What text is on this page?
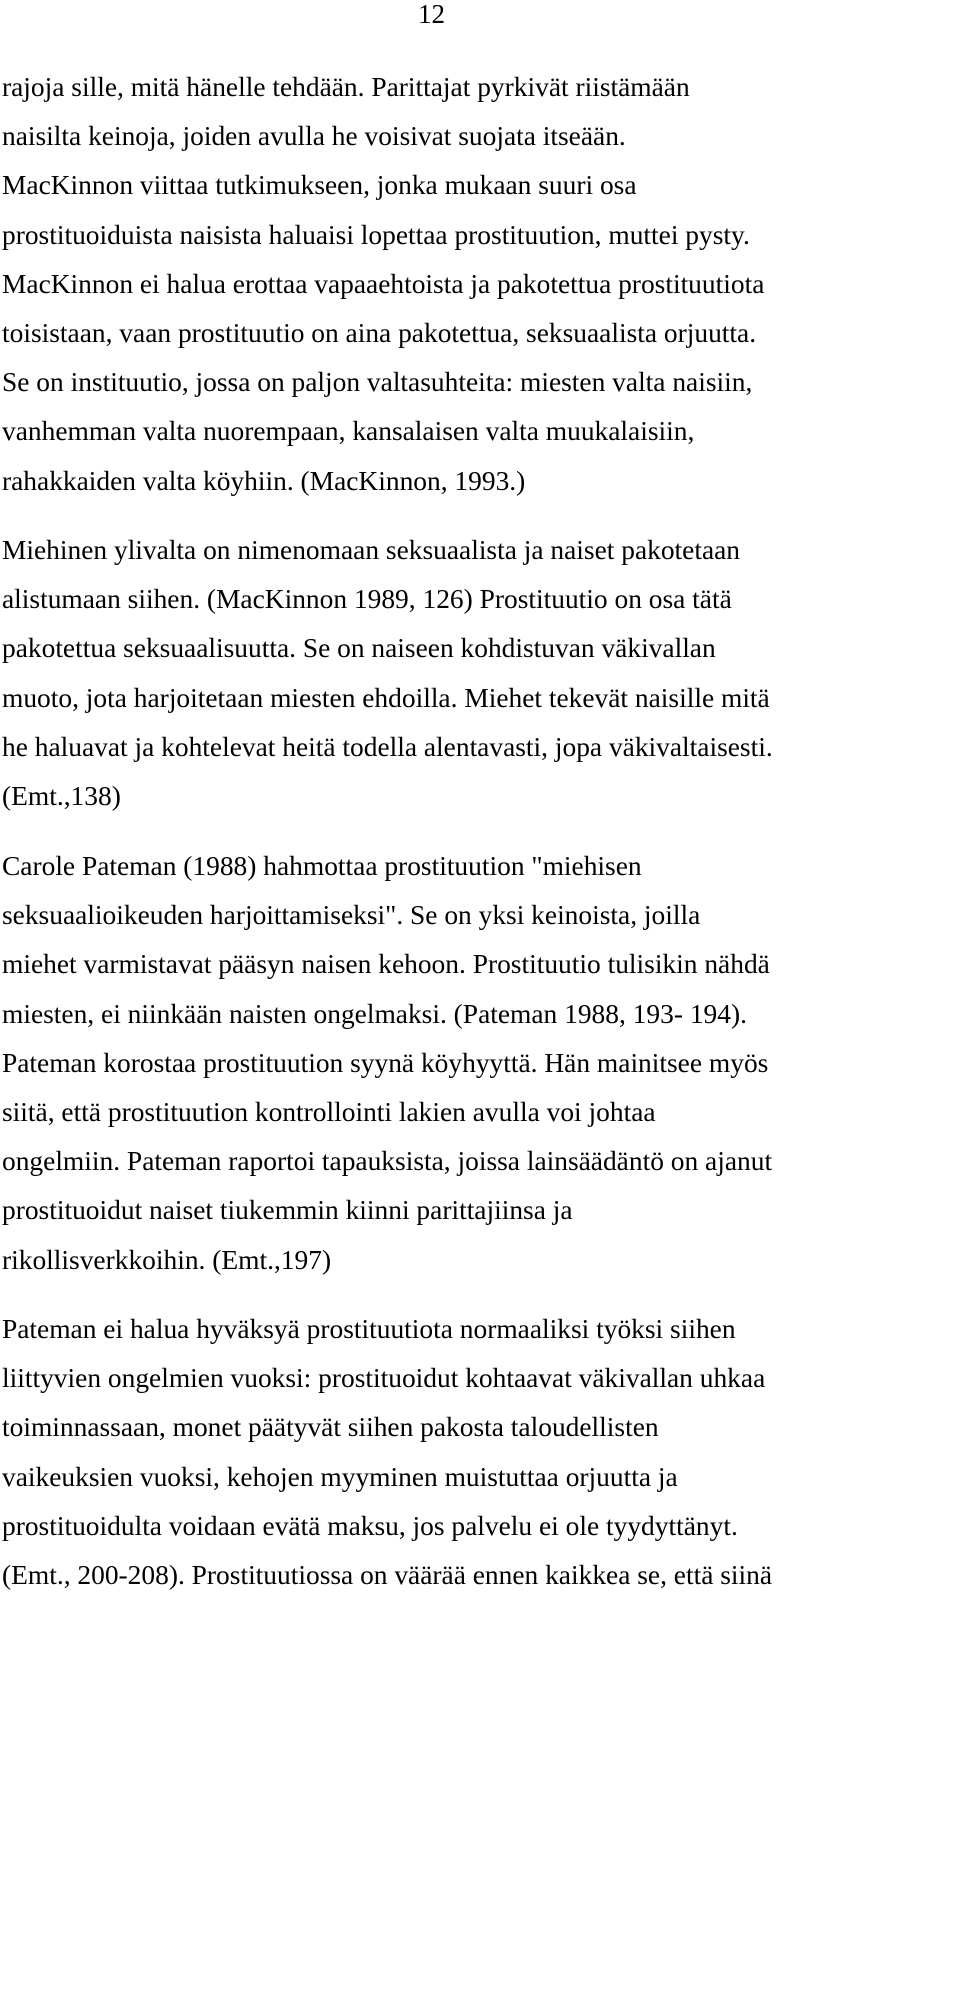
12
rajoja sille, mitä hänelle tehdään. Parittajat pyrkivät riistämään
naisilta keinoja, joiden avulla he voisivat suojata itseään.
MacKinnon viittaa tutkimukseen, jonka mukaan suuri osa
prostituoiduista naisista haluaisi lopettaa prostituution, muttei pysty.
MacKinnon ei halua erottaa vapaaehtoista ja pakotettua prostituutiota
toisistaan, vaan prostituutio on aina pakotettua, seksuaalista orjuutta.
Se on instituutio, jossa on paljon valtasuhteita: miesten valta naisiin,
vanhemman valta nuorempaan, kansalaisen valta muukalaisiin,
rahakkaiden valta köyhiin. (MacKinnon, 1993.)
Miehinen ylivalta on nimenomaan seksuaalista ja naiset pakotetaan
alistumaan siihen. (MacKinnon 1989, 126) Prostituutio on osa tätä
pakotettua seksuaalisuutta. Se on naiseen kohdistuvan väkivallan
muoto, jota harjoitetaan miesten ehdoilla. Miehet tekevät naisille mitä
he haluavat ja kohtelevat heitä todella alentavasti, jopa väkivaltaisesti.
(Emt.,138)
Carole Pateman (1988) hahmottaa prostituution "miehisen
seksuaalioikeuden harjoittamiseksi". Se on yksi keinoista, joilla
miehet varmistavat pääsyn naisen kehoon. Prostituutio tulisikin nähdä
miesten, ei niinkään naisten ongelmaksi. (Pateman 1988, 193- 194).
Pateman korostaa prostituution syynä köyhyyttä. Hän mainitsee myös
siitä, että prostituution kontrollointi lakien avulla voi johtaa
ongelmiin. Pateman raportoi tapauksista, joissa lainsäädäntö on ajanut
prostituoidut naiset tiukemmin kiinni parittajiinsa ja
rikollisverkkoihin. (Emt.,197)
Pateman ei halua hyväksyä prostituutiota normaaliksi työksi siihen
liittyvien ongelmien vuoksi: prostituoidut kohtaavat väkivallan uhkaa
toiminnassaan, monet päätyvät siihen pakosta taloudellisten
vaikeuksien vuoksi, kehojen myyminen muistuttaa orjuutta ja
prostituoidulta voidaan evätä maksu, jos palvelu ei ole tyydyttänyt.
(Emt., 200-208). Prostituutiossa on väärää ennen kaikkea se, että siinä
